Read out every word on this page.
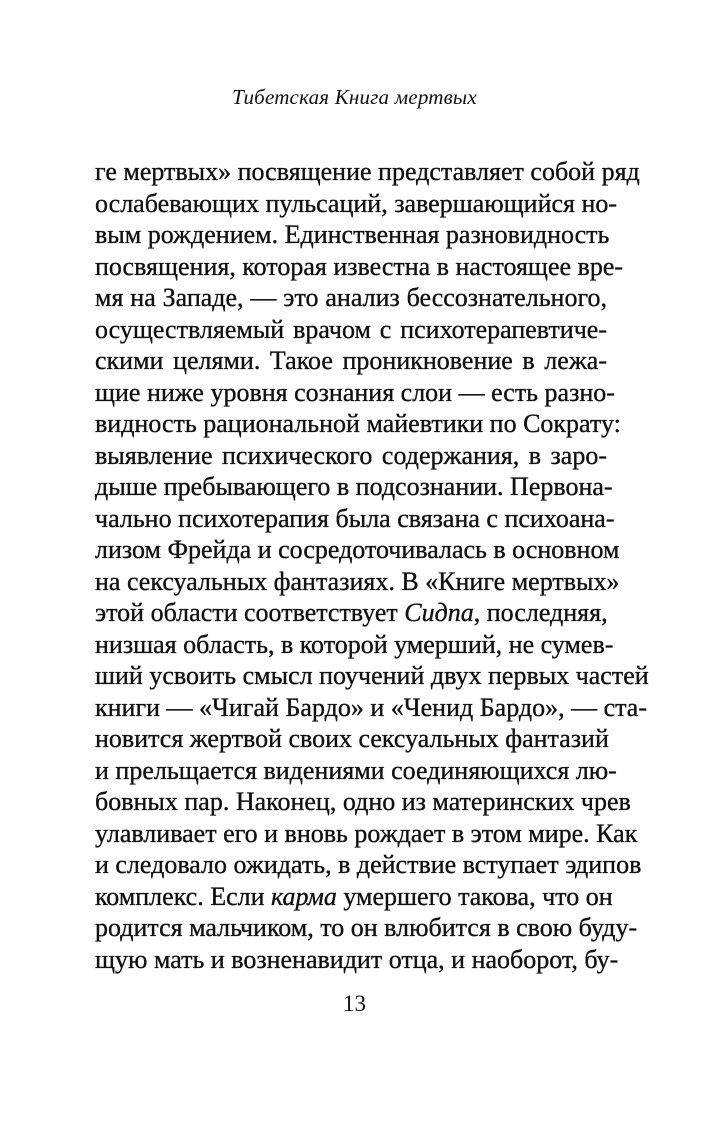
Тибетская Книга мертвых
ге мертвых» посвящение представляет собой ряд
ослабевающих пульсаций, завершающийся но-
вым рождением. Единственная разновидность
посвящения, которая известна в настоящее вре-
мя на Западе, — это анализ бессознательного,
осуществляемый врачом с психотерапевтиче-
скими целями. Такое проникновение в лежа-
щие ниже уровня сознания слои — есть разно-
видность рациональной майевтики по Сократу:
выявление психического содержания, в заро-
дыше пребывающего в подсознании. Первона-
чально психотерапия была связана с психоана-
лизом Фрейда и сосредоточивалась в основном
на сексуальных фантазиях. В «Книге мертвых»
этой области соответствует Сидпа, последняя,
низшая область, в которой умерший, не сумев-
ший усвоить смысл поучений двух первых частей
книги — «Чигай Бардо» и «Ченид Бардо», — ста-
новится жертвой своих сексуальных фантазий
и прельщается видениями соединяющихся лю-
бовных пар. Наконец, одно из материнских чрев
улавливает его и вновь рождает в этом мире. Как
и следовало ожидать, в действие вступает эдипов
комплекс. Если карма умершего такова, что он
родится мальчиком, то он влюбится в свою буду-
щую мать и возненавидит отца, и наоборот, бу-
13
